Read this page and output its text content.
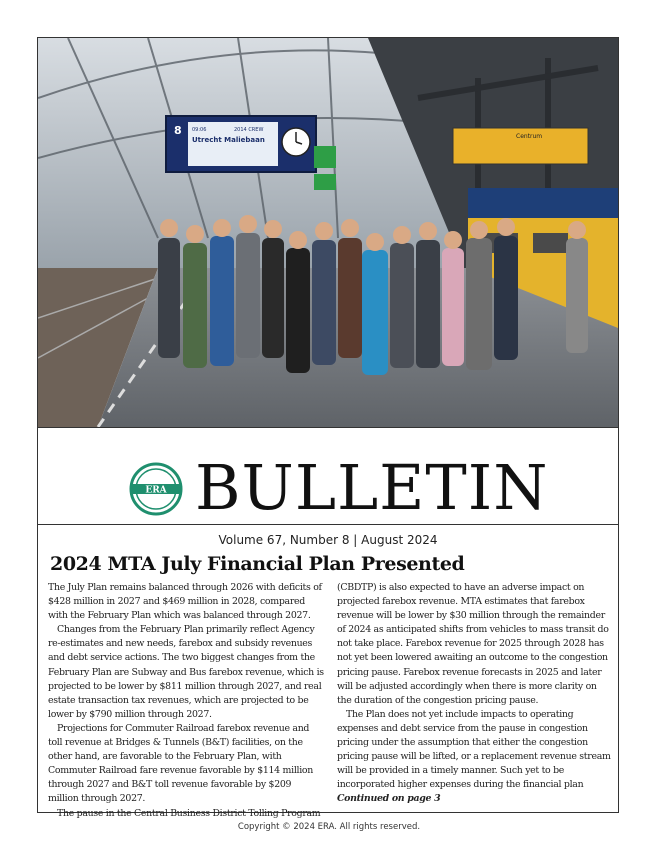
8 09:06	2014 CREW
Utrecht Maliebaan	Centrum
ERA BULLETIN
Volume 67, Number 8 | August 2024
2024 MTA July Financial Plan Presented

The July Plan remains balanced through 2026 with deficits of $428 million in 2027 and $469 million in 2028, compared with the February Plan which was balanced through 2027.

Changes from the February Plan primarily reflect Agency re-estimates and new needs, farebox and subsidy revenues and debt service actions. The two biggest changes from the February Plan are Subway and Bus farebox revenue, which is projected to be lower by $811 million through 2027, and real estate transaction tax revenues, which are projected to be lower by $790 million through 2027.

Projections for Commuter Railroad farebox revenue and toll revenue at Bridges & Tunnels (B&T) facilities, on the other hand, are favorable to the February Plan, with Commuter Railroad fare revenue favorable by $114 million through 2027 and B&T toll revenue favorable by $209 million through 2027.

The pause in the Central Business District Tolling Program

(CBDTP) is also expected to have an adverse impact on projected farebox revenue. MTA estimates that farebox revenue will be lower by $30 million through the remainder of 2024 as anticipated shifts from vehicles to mass transit do not take place. Farebox revenue for 2025 through 2028 has not yet been lowered awaiting an outcome to the congestion pricing pause. Farebox revenue forecasts in 2025 and later will be adjusted accordingly when there is more clarity on the duration of the congestion pricing pause.

The Plan does not yet include impacts to operating expenses and debt service from the pause in congestion pricing under the assumption that either the congestion pricing pause will be lifted, or a replacement revenue stream will be provided in a timely manner. Such yet to be incorporated higher expenses during the financial plan Continued on page 3

Copyright © 2024 ERA. All rights reserved.
